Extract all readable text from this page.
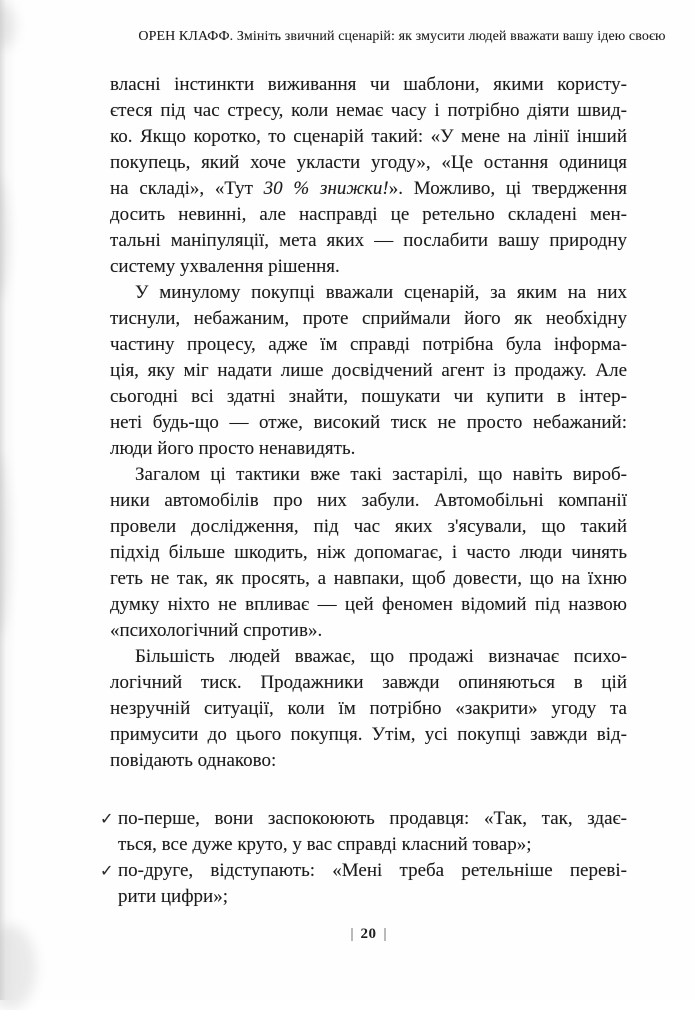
ОРЕН КЛАФФ. Змініть звичний сценарій: як змусити людей вважати вашу ідею своєю
власні інстинкти виживання чи шаблони, якими користу-
єтеся під час стресу, коли немає часу і потрібно діяти швид-
ко. Якщо коротко, то сценарій такий: «У мене на лінії інший
покупець, який хоче укласти угоду», «Це остання одиниця
на складі», «Тут 30 % знижки!». Можливо, ці твердження
досить невинні, але насправді це ретельно складені мен-
тальні маніпуляції, мета яких — послабити вашу природну
систему ухвалення рішення.
У минулому покупці вважали сценарій, за яким на них
тиснули, небажаним, проте сприймали його як необхідну
частину процесу, адже їм справді потрібна була інформа-
ція, яку міг надати лише досвідчений агент із продажу. Але
сьогодні всі здатні знайти, пошукати чи купити в інтер-
неті будь-що — отже, високий тиск не просто небажаний:
люди його просто ненавидять.
Загалом ці тактики вже такі застарілі, що навіть вироб-
ники автомобілів про них забули. Автомобільні компанії
провели дослідження, під час яких з'ясували, що такий
підхід більше шкодить, ніж допомагає, і часто люди чинять
геть не так, як просять, а навпаки, щоб довести, що на їхню
думку ніхто не впливає — цей феномен відомий під назвою
«психологічний спротив».
Більшість людей вважає, що продажі визначає психо-
логічний тиск. Продажники завжди опиняються в цій
незручній ситуації, коли їм потрібно «закрити» угоду та
примусити до цього покупця. Утім, усі покупці завжди від-
повідають однаково:
✓ по-перше, вони заспокоюють продавця: «Так, так, здає-
ться, все дуже круто, у вас справді класний товар»;
✓ по-друге, відступають: «Мені треба ретельніше переві-
рити цифри»;
| 20 |
